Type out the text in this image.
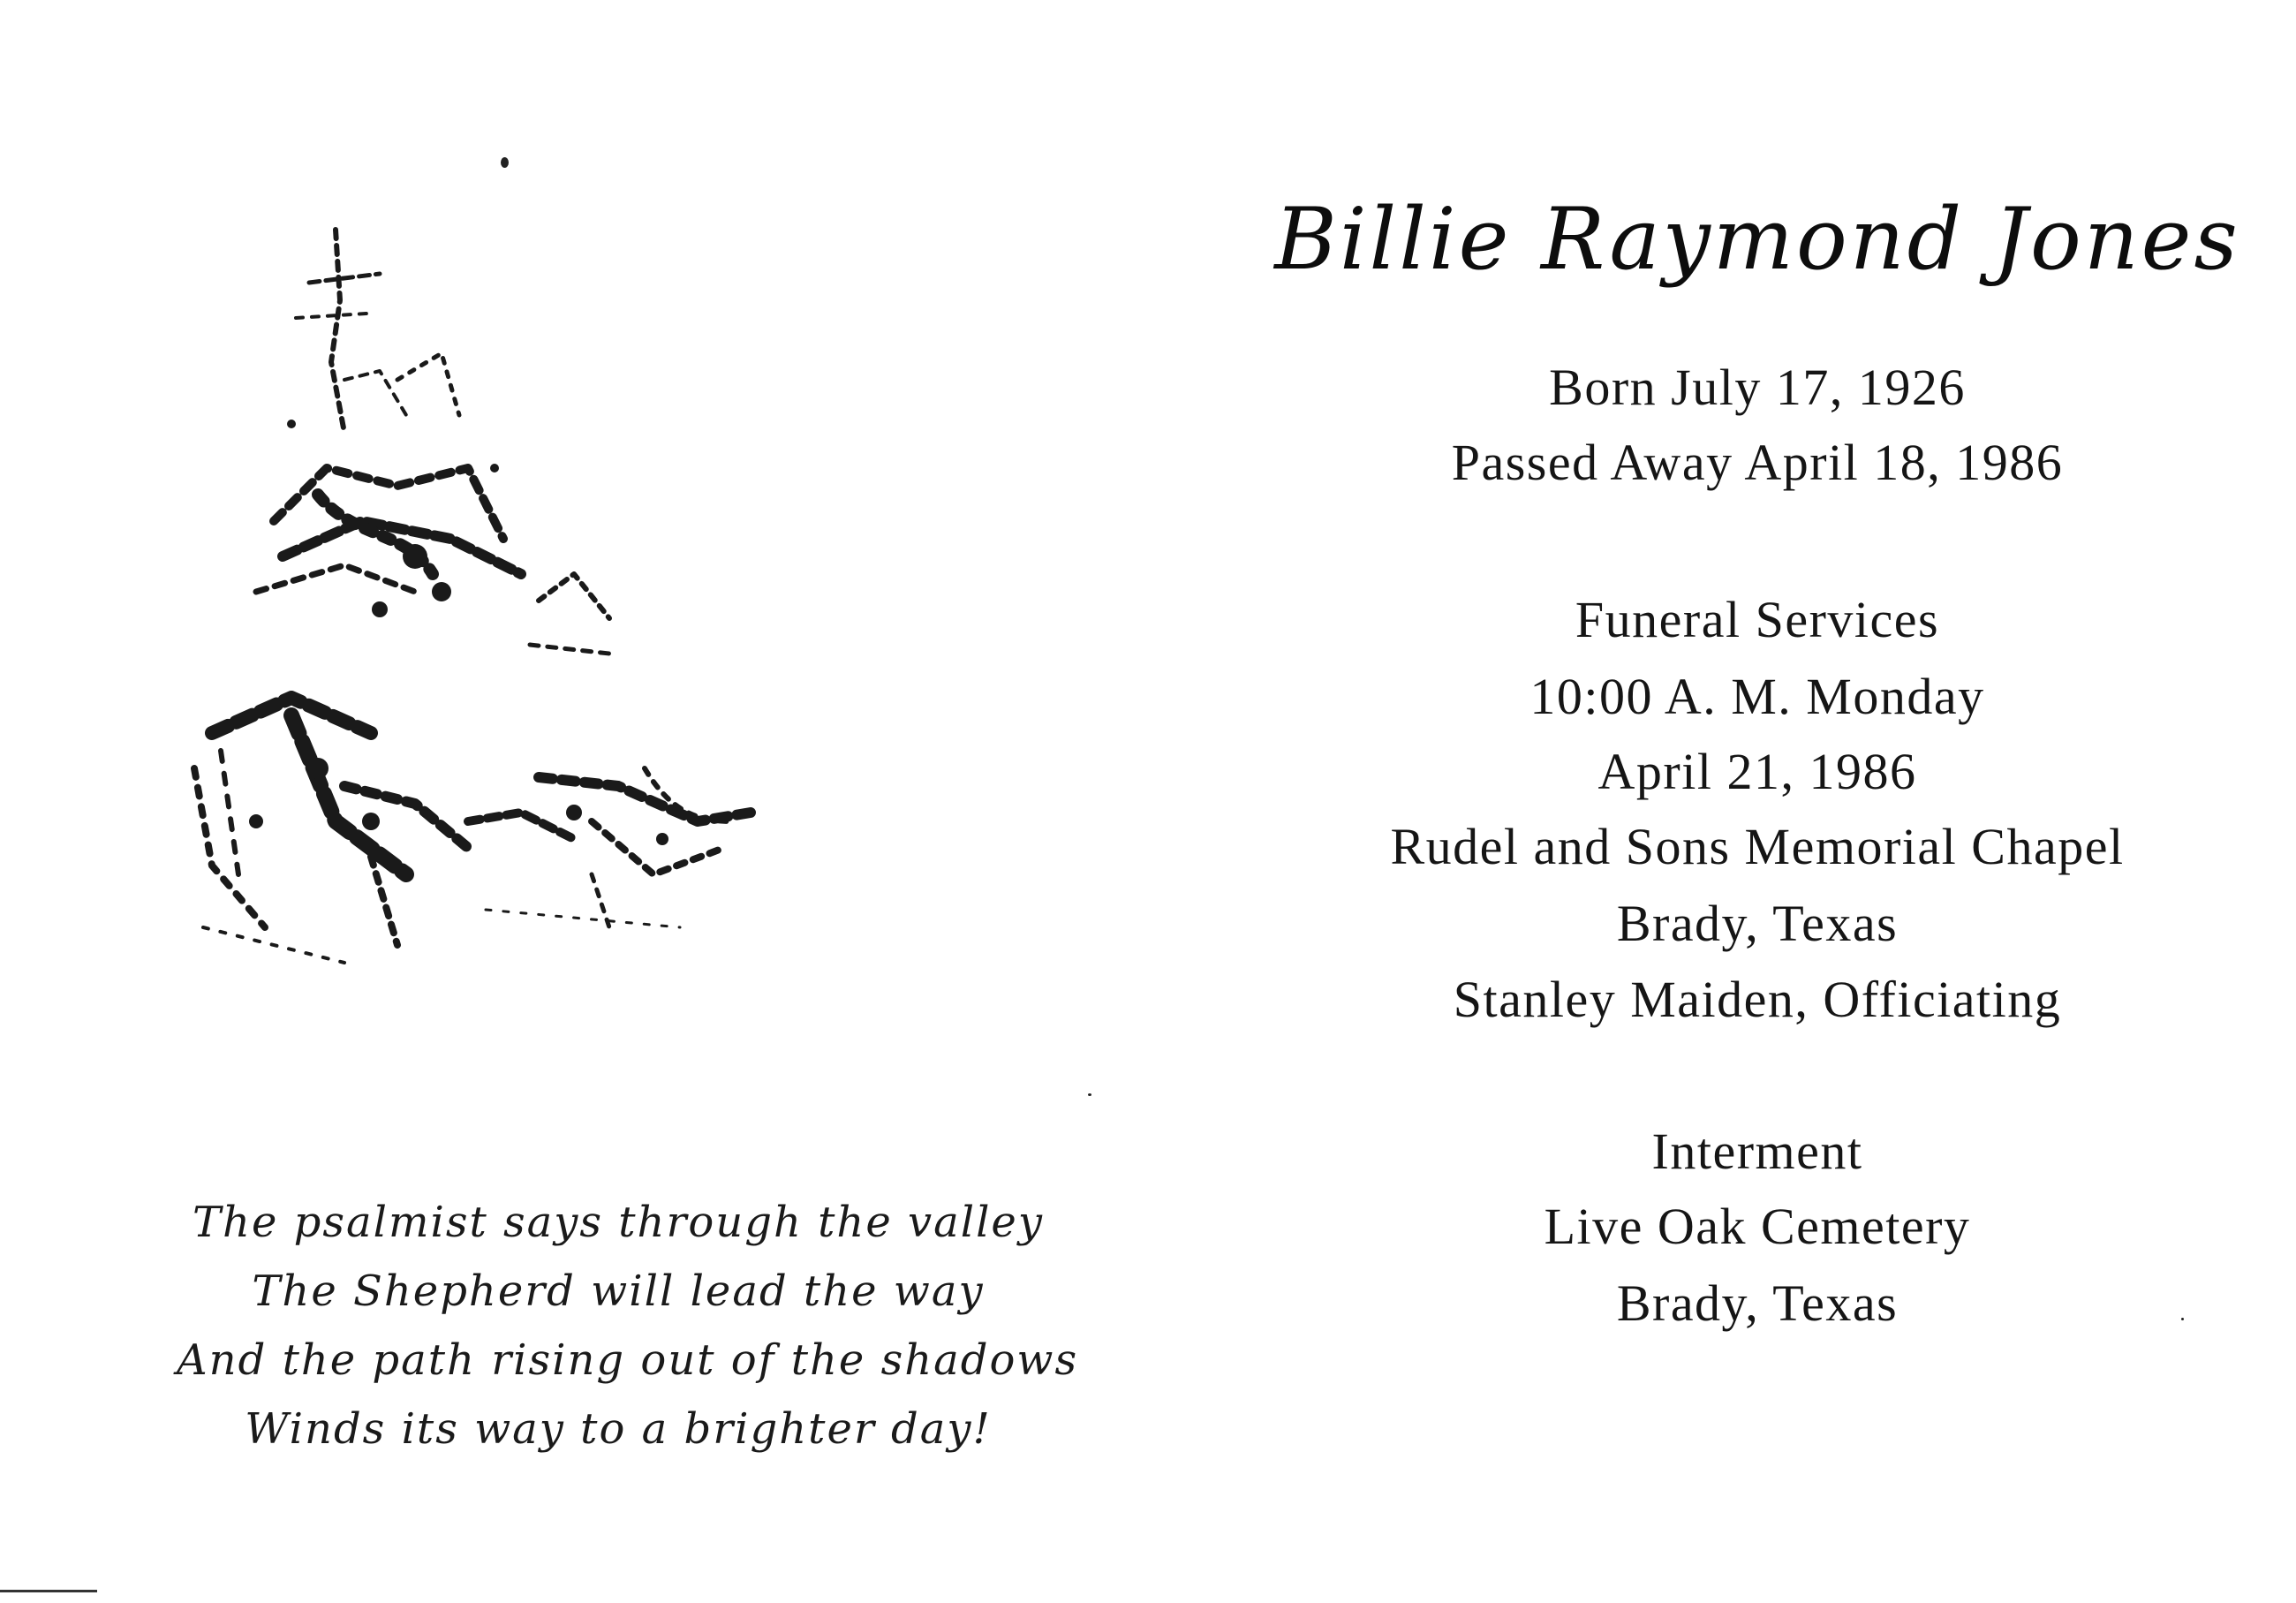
The psalmist says through the valley
The Shepherd will lead the way
And the path rising out of the shadows
Winds its way to a brighter day!
Billie Raymond Jones
Born July 17, 1926
Passed Away April 18, 1986
Funeral Services
10:00 A. M. Monday
April 21, 1986
Rudel and Sons Memorial Chapel
Brady, Texas
Stanley Maiden, Officiating
Interment
Live Oak Cemetery
Brady, Texas
